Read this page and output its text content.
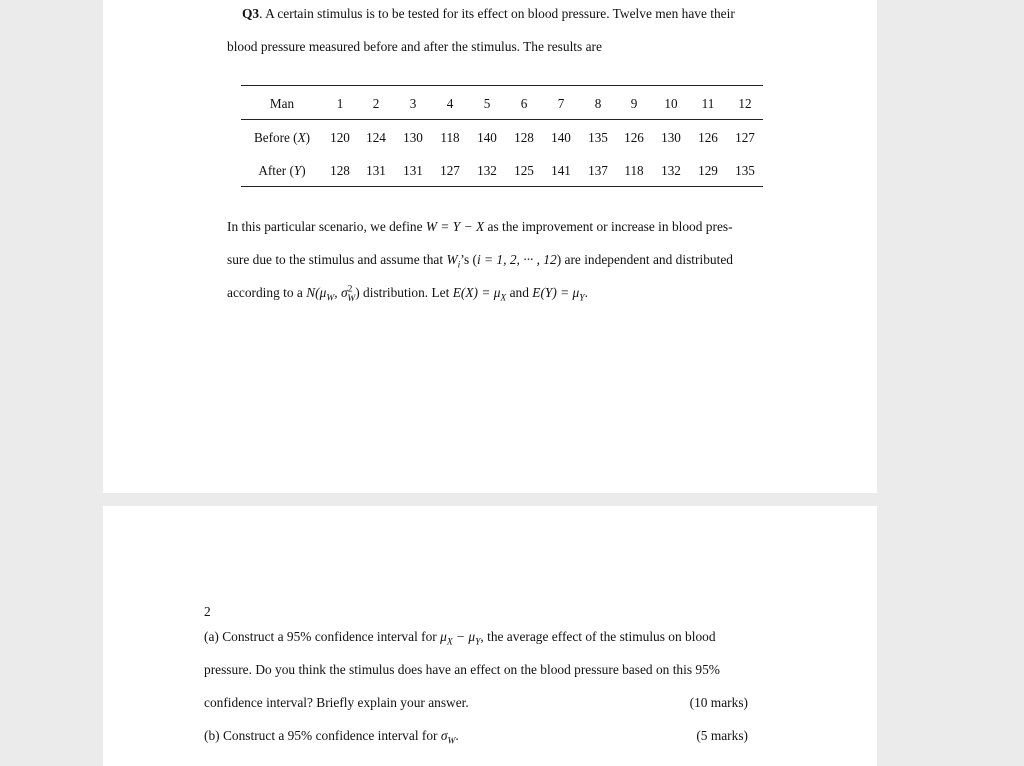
Q3. A certain stimulus is to be tested for its effect on blood pressure. Twelve men have their
blood pressure measured before and after the stimulus. The results are
Man	1 2 3 4 5 6 7 8 9 10 11 12
Before (X) 120 124 130 118 140 128 140 135 126 130 126 127
After (Y) 128 131 131 127 132 125 141 137 118 132 129 135
In this particular scenario, we define W = Y − X as the improvement or increase in blood pres-
sure due to the stimulus and assume that $W_i’s$ (i = 1, 2, ··· , 12) are independent and distributed
according to a $N(\mu_W$, $\sigma^2_W$) distribution. Let $E(X) = \mu_X$ and $E(Y) = \mu_Y$.
2
(a) Construct a 95% confidence interval for $\mu_X - \mu_Y$, the average effect of the stimulus on blood
pressure. Do you think the stimulus does have an effect on the blood pressure based on this 95%
confidence interval? Briefly explain your answer.	(10 marks)
(b) Construct a 95% confidence interval for $\sigma_W$.	(5 marks)
